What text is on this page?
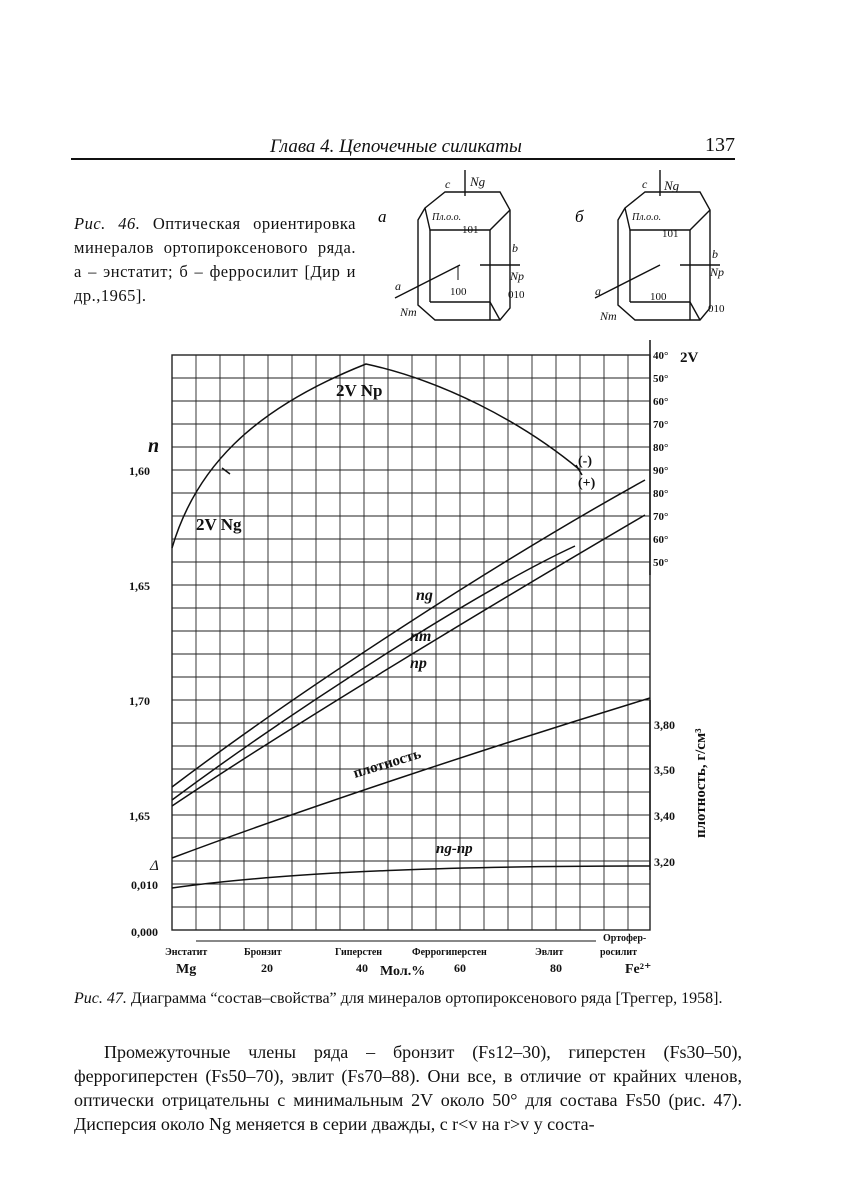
Глава 4. Цепочечные силикаты	137
Рис. 46. Оптическая ориентировка минералов ортопироксенового ряда. а – энстатит; б – ферросилит [Дир и др.,1965].
а	б
c Ng
Пл.о.о.
101
b
Np
100	010
a
Nm
c Ng
Пл.о.о.
101
b
Np
100
010
a
Nm
2V Np
2V Ng
(-)
(+)
ng
nm
np
плотность
ng-np
n
1,60
1,65
1,70
1,65
Δ
0,010
0,000
40° 2V
50°
60°
70°
80°
90°
80°
70°
60°
50°
3,80
3,50
3,40
3,20
плотность, г/см³
Энстатит	Бронзит	Гиперстен	Феррогиперстен	Эвлит
Ортофер-
росилит
Mg	20	40 Мол.% 60	80	Fe²⁺
Рис. 47. Диаграмма “состав–свойства” для минералов ортопироксенового ряда [Треггер, 1958].
Промежуточные члены ряда – бронзит (Fs12–30), гиперстен (Fs30–50), феррогиперстен (Fs50–70), эвлит (Fs70–88). Они все, в отличие от крайних членов, оптически отрицательны с минимальным 2V около 50° для состава Fs50 (рис. 47). Дисперсия около Ng меняется в серии дважды, с r<v на r>v у соста-
